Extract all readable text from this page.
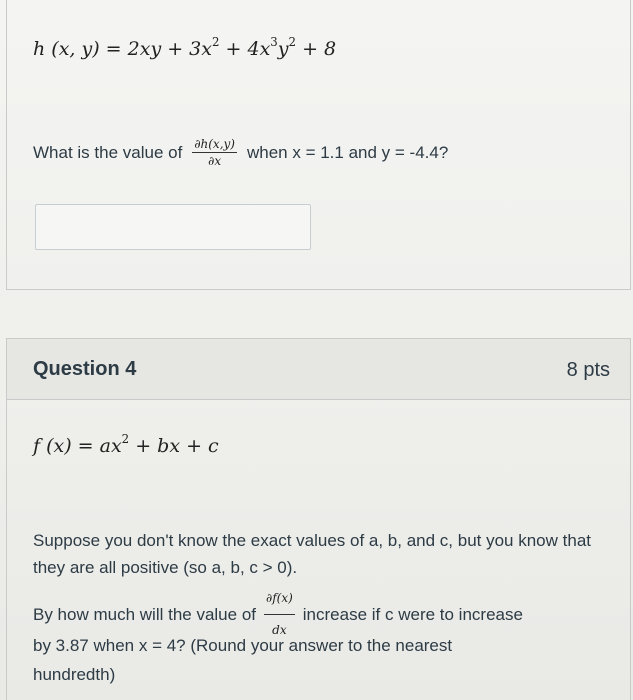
h (x, $y) = 2xy + 3x^2 + 4x^3y^2 + 8$
What is the value of $\frac{\partial h(x,y)}{\partial x}$ when x = 1.1 and y = -4.4?
Question 4	8 pts
f $(x) = ax^2$ + bx + c
Suppose you don't know the exact values of a, b, and c, but you know that they are all positive (so a, b, c > 0).
By how much will the value of $\frac{\partial f(x)}{dx}$ increase if c were to increase
by 3.87 when x = 4? (Round your answer to the nearest
hundredth)
